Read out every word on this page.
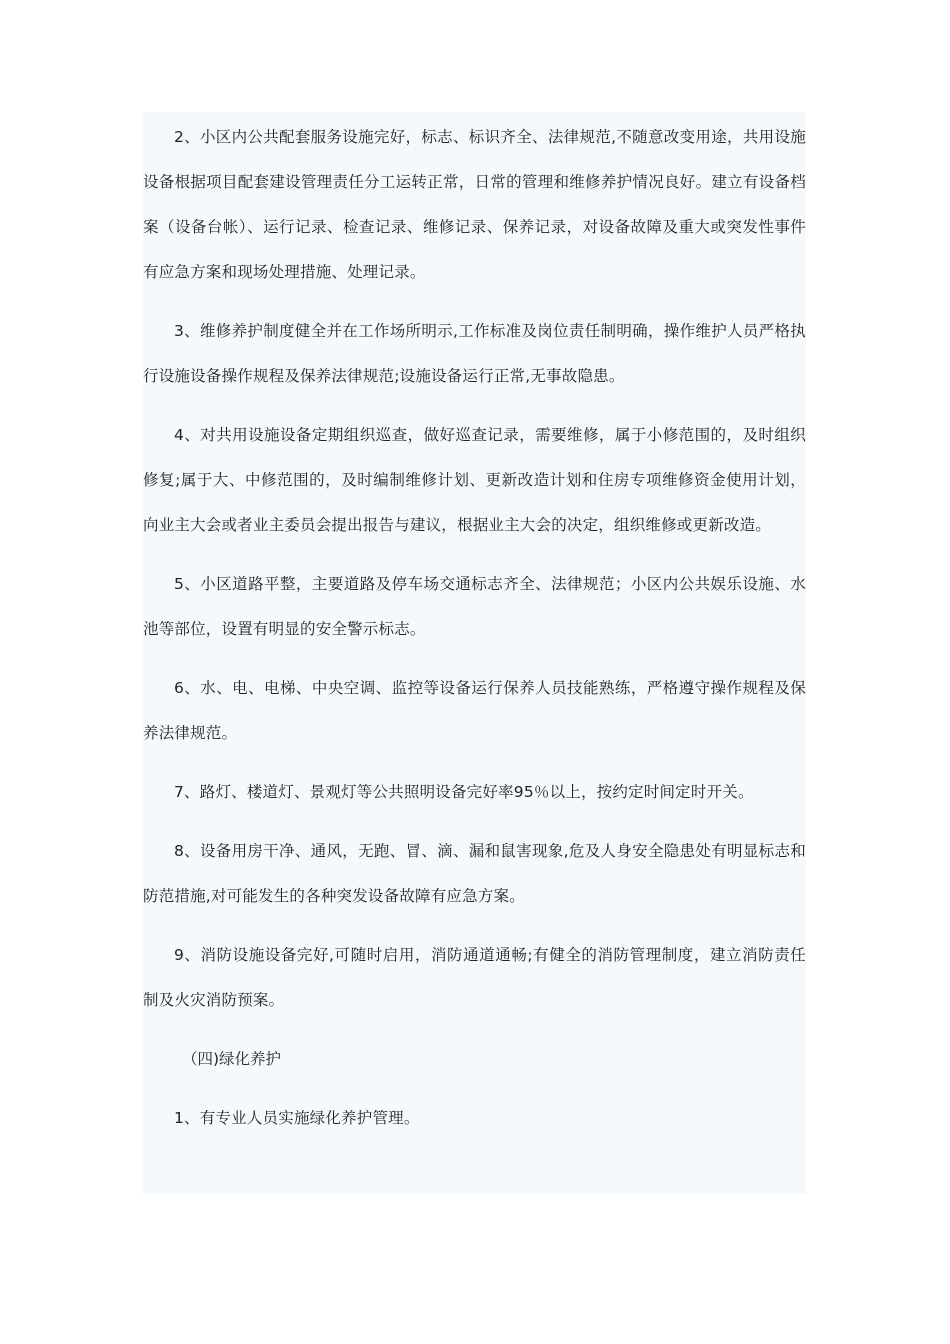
2、小区内公共配套服务设施完好，标志、标识齐全、法律规范,不随意改变用途，共用设施设备根据项目配套建设管理责任分工运转正常，日常的管理和维修养护情况良好。建立有设备档案（设备台帐）、运行记录、检查记录、维修记录、保养记录，对设备故障及重大或突发性事件有应急方案和现场处理措施、处理记录。

3、维修养护制度健全并在工作场所明示,工作标准及岗位责任制明确，操作维护人员严格执行设施设备操作规程及保养法律规范;设施设备运行正常,无事故隐患。

4、对共用设施设备定期组织巡查，做好巡查记录，需要维修，属于小修范围的，及时组织修复;属于大、中修范围的，及时编制维修计划、更新改造计划和住房专项维修资金使用计划，向业主大会或者业主委员会提出报告与建议，根据业主大会的决定，组织维修或更新改造。

5、小区道路平整，主要道路及停车场交通标志齐全、法律规范；小区内公共娱乐设施、水池等部位，设置有明显的安全警示标志。

6、水、电、电梯、中央空调、监控等设备运行保养人员技能熟练，严格遵守操作规程及保养法律规范。

7、路灯、楼道灯、景观灯等公共照明设备完好率95％以上，按约定时间定时开关。

8、设备用房干净、通风，无跑、冒、滴、漏和鼠害现象,危及人身安全隐患处有明显标志和防范措施,对可能发生的各种突发设备故障有应急方案。

9、消防设施设备完好,可随时启用，消防通道通畅;有健全的消防管理制度，建立消防责任制及火灾消防预案。

（四)绿化养护

1、有专业人员实施绿化养护管理。
